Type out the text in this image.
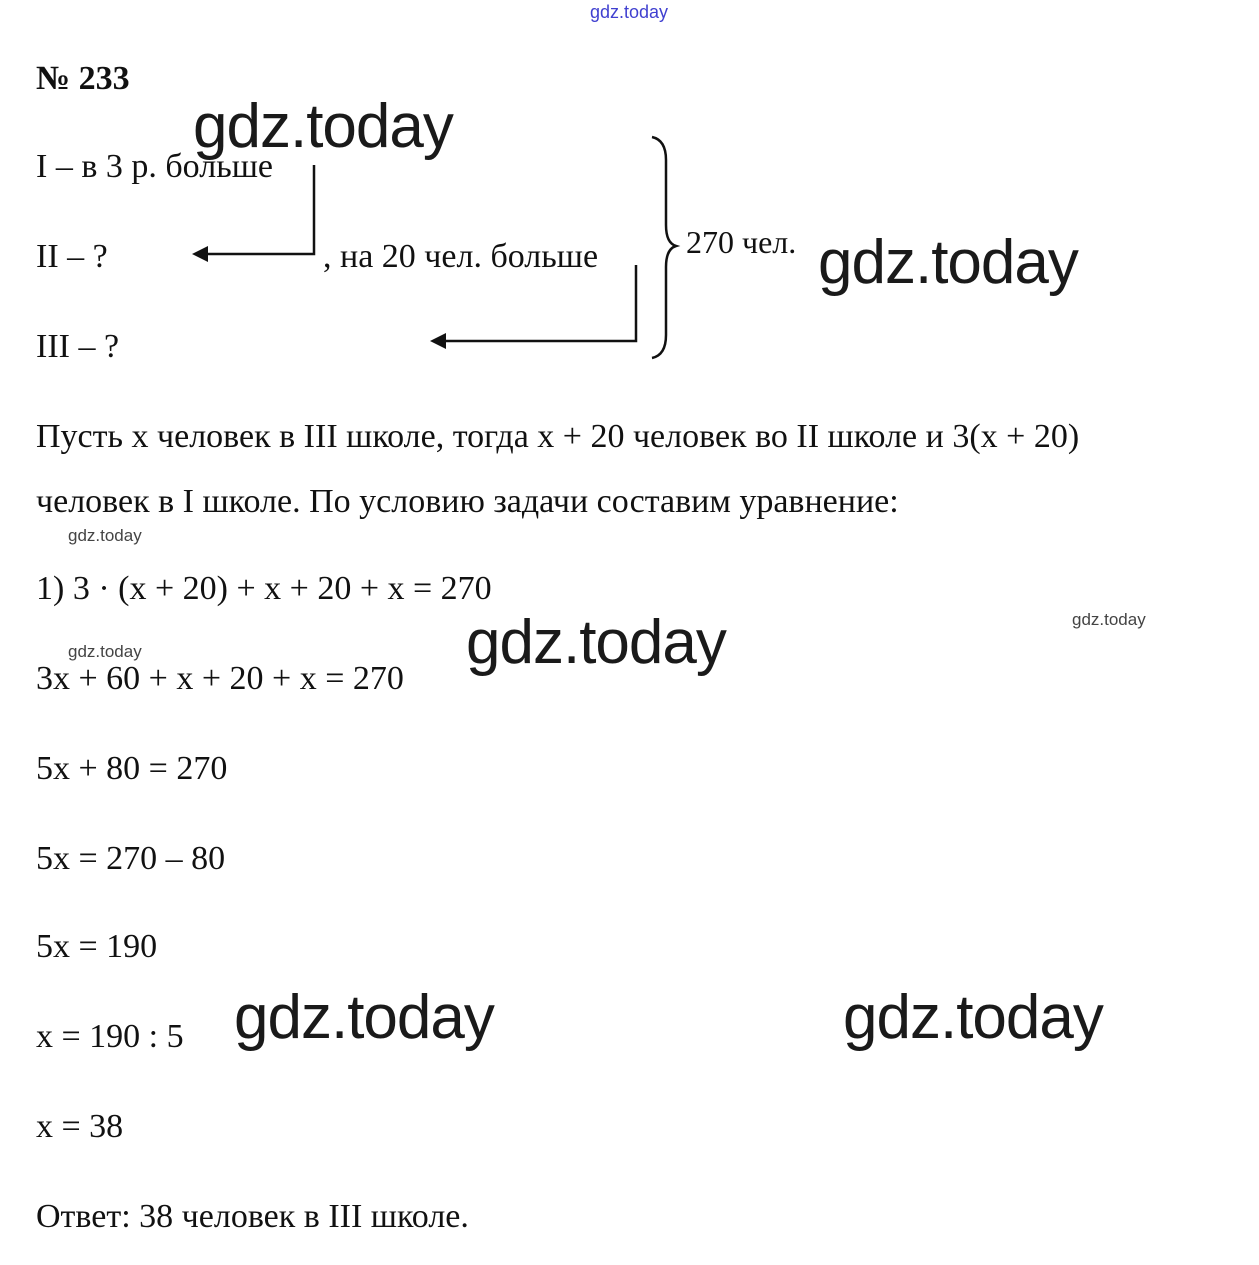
gdz.today
№ 233
I – в 3 р. больше
II – ?	, на 20 чел. больше
III – ?
270 чел.
Пусть x человек в III школе, тогда x + 20 человек во II школе и 3(x + 20)
человек в I школе. По условию задачи составим уравнение:
1) 3 · (x + 20) + x + 20 + x = 270
3x + 60 + x + 20 + x = 270
5x + 80 = 270
5x = 270 – 80
5x = 190
x = 190 : 5
x = 38
Ответ: 38 человек в III школе.
gdz.today
gdz.today
gdz.today
gdz.today	gdz.today
gdz.today
gdz.today
gdz.today
